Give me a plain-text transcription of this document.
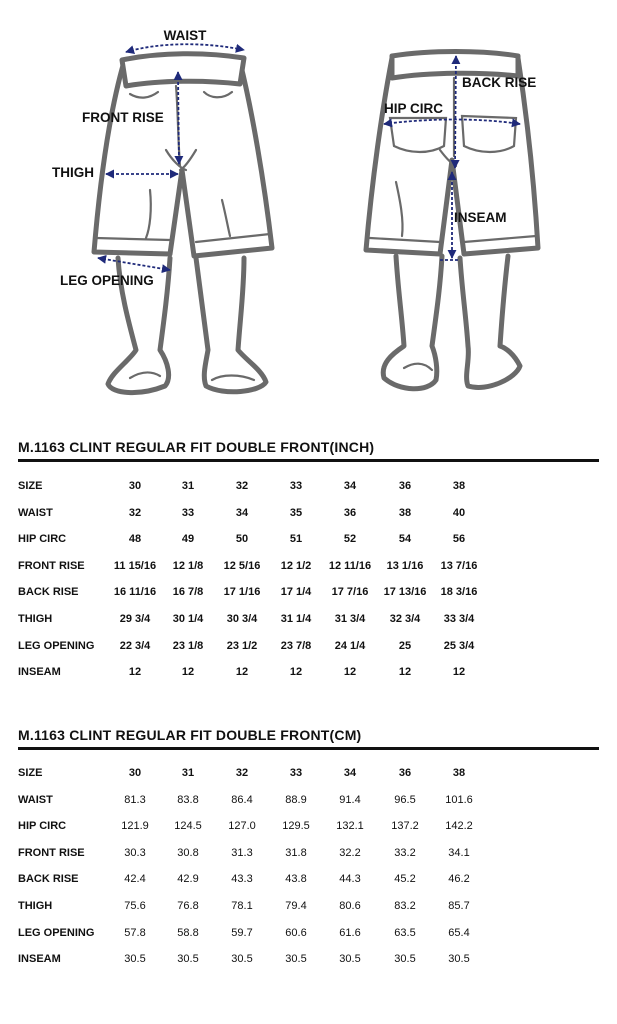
WAIST
FRONT RISE
THIGH
LEG OPENING
BACK RISE
HIP CIRC
INSEAM
M.1163 CLINT REGULAR FIT DOUBLE FRONT(INCH)
SIZE	30	31	32	33	34	36	38
WAIST	32	33	34	35	36	38	40
HIP CIRC	48	49	50	51	52	54	56
FRONT RISE	11 15/16	12 1/8	12 5/16	12 1/2	12 11/16	13 1/16	13 7/16
BACK RISE	16 11/16	16 7/8	17 1/16	17 1/4	17 7/16	17 13/16	18 3/16
THIGH	29 3/4	30 1/4	30 3/4	31 1/4	31 3/4	32 3/4	33 3/4
LEG OPENING	22 3/4	23 1/8	23 1/2	23 7/8	24 1/4	25	25 3/4
INSEAM	12	12	12	12	12	12	12
M.1163 CLINT REGULAR FIT DOUBLE FRONT(CM)
SIZE	30	31	32	33	34	36	38
WAIST	81.3	83.8	86.4	88.9	91.4	96.5	101.6
HIP CIRC	121.9	124.5	127.0	129.5	132.1	137.2	142.2
FRONT RISE	30.3	30.8	31.3	31.8	32.2	33.2	34.1
BACK RISE	42.4	42.9	43.3	43.8	44.3	45.2	46.2
THIGH	75.6	76.8	78.1	79.4	80.6	83.2	85.7
LEG OPENING	57.8	58.8	59.7	60.6	61.6	63.5	65.4
INSEAM	30.5	30.5	30.5	30.5	30.5	30.5	30.5
